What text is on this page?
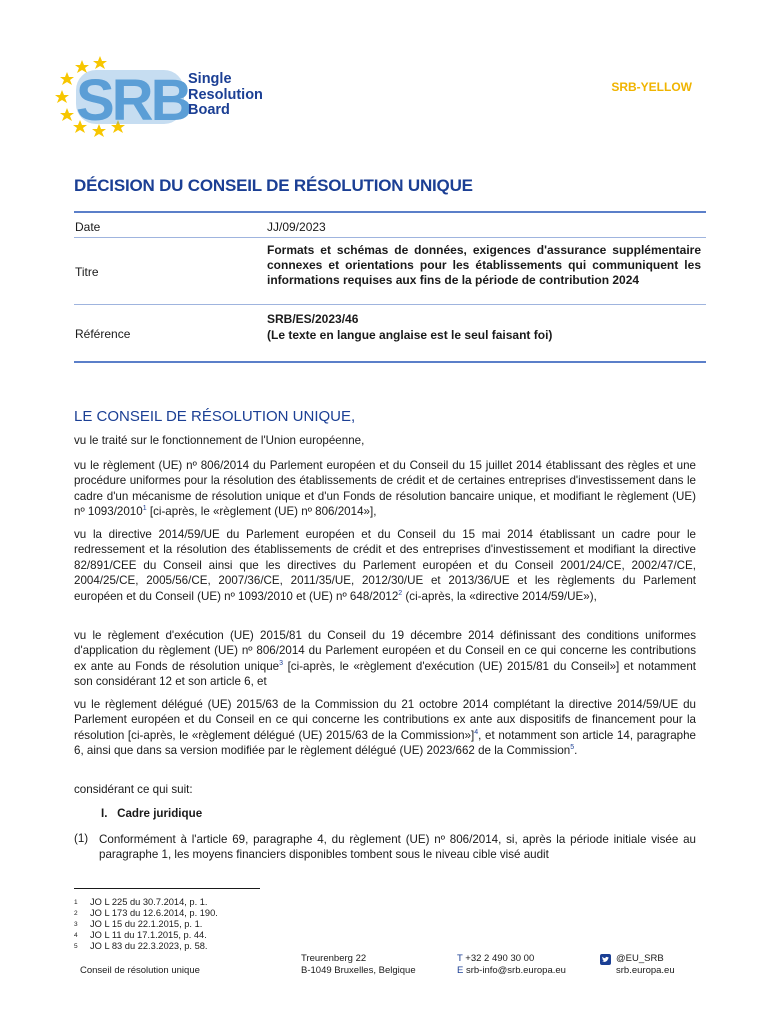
SRB
Single
Resolution
Board
SRB-YELLOW
DÉCISION DU CONSEIL DE RÉSOLUTION UNIQUE
Date	JJ/09/2023
Titre
Formats et schémas de données, exigences d'assurance supplémentaire connexes et orientations pour les établissements qui communiquent les informations requises aux fins de la période de contribution 2024
Référence
SRB/ES/2023/46
(Le texte en langue anglaise est le seul faisant foi)
LE CONSEIL DE RÉSOLUTION UNIQUE,
vu le traité sur le fonctionnement de l'Union européenne,
vu le règlement (UE) nº 806/2014 du Parlement européen et du Conseil du 15 juillet 2014 établissant des règles et une procédure uniformes pour la résolution des établissements de crédit et de certaines entreprises d'investissement dans le cadre d'un mécanisme de résolution unique et d'un Fonds de résolution bancaire unique, et modifiant le règlement (UE) nº 1093/2010$^1$ [ci-après, le «règlement (UE) nº 806/2014»],
vu la directive 2014/59/UE du Parlement européen et du Conseil du 15 mai 2014 établissant un cadre pour le redressement et la résolution des établissements de crédit et des entreprises d'investissement et modifiant la directive 82/891/CEE du Conseil ainsi que les directives du Parlement européen et du Conseil 2001/24/CE, 2002/47/CE, 2004/25/CE, 2005/56/CE, 2007/36/CE, 2011/35/UE, 2012/30/UE et 2013/36/UE et les règlements du Parlement européen et du Conseil (UE) nº 1093/2010 et (UE) nº 648/2012$^2$ (ci-après, la «directive 2014/59/UE»),
vu le règlement d'exécution (UE) 2015/81 du Conseil du 19 décembre 2014 définissant des conditions uniformes d'application du règlement (UE) nº 806/2014 du Parlement européen et du Conseil en ce qui concerne les contributions ex ante au Fonds de résolution unique$^3$ [ci-après, le «règlement d'exécution (UE) 2015/81 du Conseil»] et notamment son considérant 12 et son article 6, et
vu le règlement délégué (UE) 2015/63 de la Commission du 21 octobre 2014 complétant la directive 2014/59/UE du Parlement européen et du Conseil en ce qui concerne les contributions ex ante aux dispositifs de financement pour la résolution [ci-après, le «règlement délégué (UE) 2015/63 de la Commission»]$^4$, et notamment son article 14, paragraphe 6, ainsi que dans sa version modifiée par le règlement délégué (UE) 2023/662 de la Commission$^5$.
considérant ce qui suit:
I.   Cadre juridique
(1) Conformément à l'article 69, paragraphe 4, du règlement (UE) nº 806/2014, si, après la période initiale visée au paragraphe 1, les moyens financiers disponibles tombent sous le niveau cible visé audit
1 JO L 225 du 30.7.2014, p. 1.
2 JO L 173 du 12.6.2014, p. 190.
3 JO L 15 du 22.1.2015, p. 1.
4 JO L 11 du 17.1.2015, p. 44.
5 JO L 83 du 22.3.2023, p. 58.
Conseil de résolution unique
Treurenberg 22
B-1049 Bruxelles, Belgique
T +32 2 490 30 00
E srb-info@srb.europa.eu
@EU_SRB
srb.europa.eu
